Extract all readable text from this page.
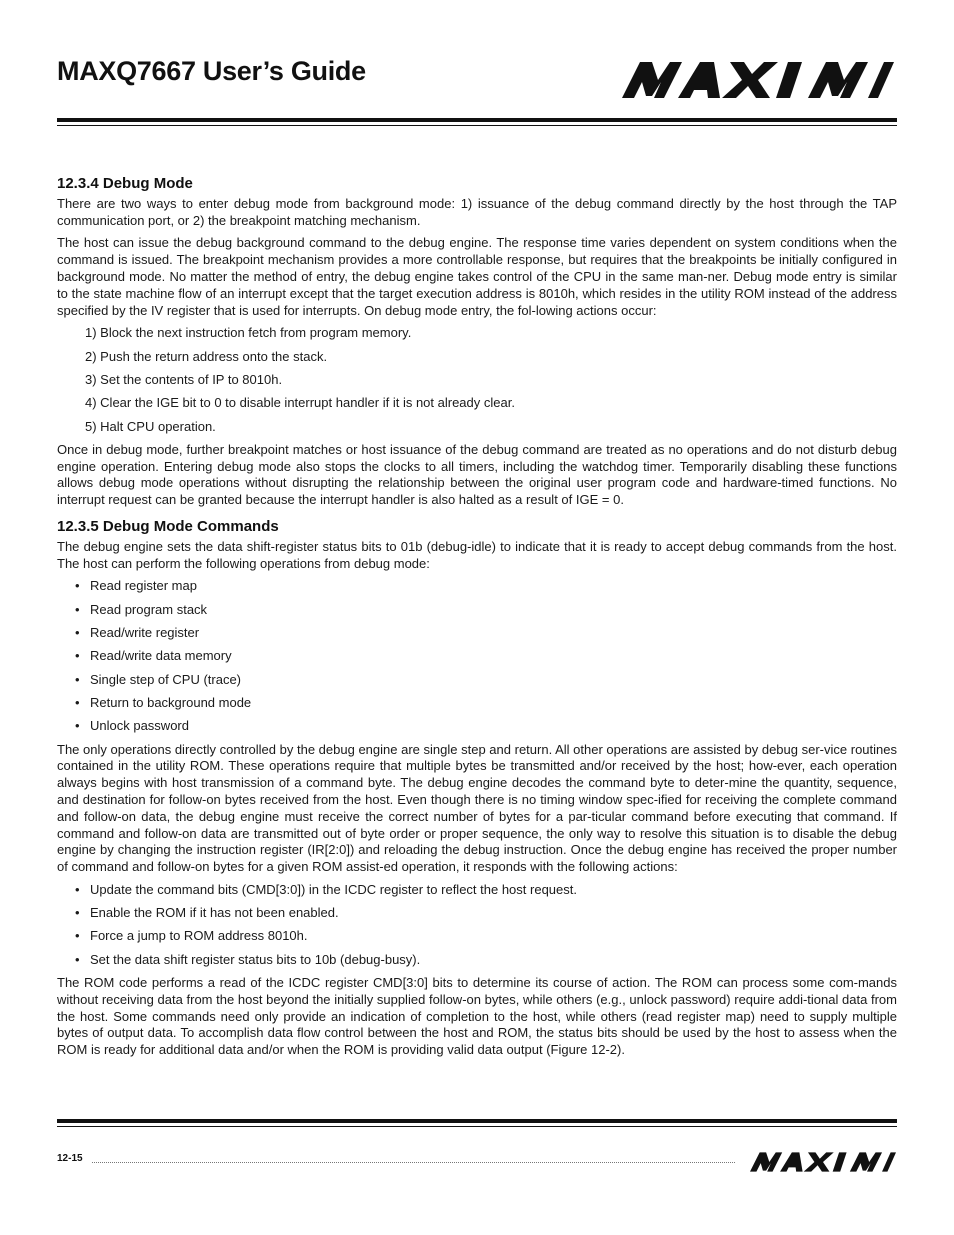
MAXQ7667 User’s Guide
12.3.4 Debug Mode

There are two ways to enter debug mode from background mode: 1) issuance of the debug command directly by the host through the TAP communication port, or 2) the breakpoint matching mechanism.

The host can issue the debug background command to the debug engine. The response time varies dependent on system conditions when the command is issued. The breakpoint mechanism provides a more controllable response, but requires that the breakpoints be initially configured in background mode. No matter the method of entry, the debug engine takes control of the CPU in the same man-ner. Debug mode entry is similar to the state machine flow of an interrupt except that the target execution address is 8010h, which resides in the utility ROM instead of the address specified by the IV register that is used for interrupts. On debug mode entry, the fol-lowing actions occur:

1) Block the next instruction fetch from program memory.
2) Push the return address onto the stack.
3) Set the contents of IP to 8010h.
4) Clear the IGE bit to 0 to disable interrupt handler if it is not already clear.
5) Halt CPU operation.

Once in debug mode, further breakpoint matches or host issuance of the debug command are treated as no operations and do not disturb debug engine operation. Entering debug mode also stops the clocks to all timers, including the watchdog timer. Temporarily disabling these functions allows debug mode operations without disrupting the relationship between the original user program code and hardware-timed functions. No interrupt request can be granted because the interrupt handler is also halted as a result of IGE = 0.

12.3.5 Debug Mode Commands

The debug engine sets the data shift-register status bits to 01b (debug-idle) to indicate that it is ready to accept debug commands from the host. The host can perform the following operations from debug mode:

• Read register map
• Read program stack
• Read/write register
• Read/write data memory
• Single step of CPU (trace)
• Return to background mode
• Unlock password

The only operations directly controlled by the debug engine are single step and return. All other operations are assisted by debug ser-vice routines contained in the utility ROM. These operations require that multiple bytes be transmitted and/or received by the host; how-ever, each operation always begins with host transmission of a command byte. The debug engine decodes the command byte to deter-mine the quantity, sequence, and destination for follow-on bytes received from the host. Even though there is no timing window spec-ified for receiving the complete command and follow-on data, the debug engine must receive the correct number of bytes for a par-ticular command before executing that command. If command and follow-on data are transmitted out of byte order or proper sequence, the only way to resolve this situation is to disable the debug engine by changing the instruction register (IR[2:0]) and reloading the debug instruction. Once the debug engine has received the proper number of command and follow-on bytes for a given ROM assist-ed operation, it responds with the following actions:

• Update the command bits (CMD[3:0]) in the ICDC register to reflect the host request.
• Enable the ROM if it has not been enabled.
• Force a jump to ROM address 8010h.
• Set the data shift register status bits to 10b (debug-busy).

The ROM code performs a read of the ICDC register CMD[3:0] bits to determine its course of action. The ROM can process some com-mands without receiving data from the host beyond the initially supplied follow-on bytes, while others (e.g., unlock password) require addi-tional data from the host. Some commands need only provide an indication of completion to the host, while others (read register map) need to supply multiple bytes of output data. To accomplish data flow control between the host and ROM, the status bits should be used by the host to assess when the ROM is ready for additional data and/or when the ROM is providing valid data output (Figure 12-2).

12-15
